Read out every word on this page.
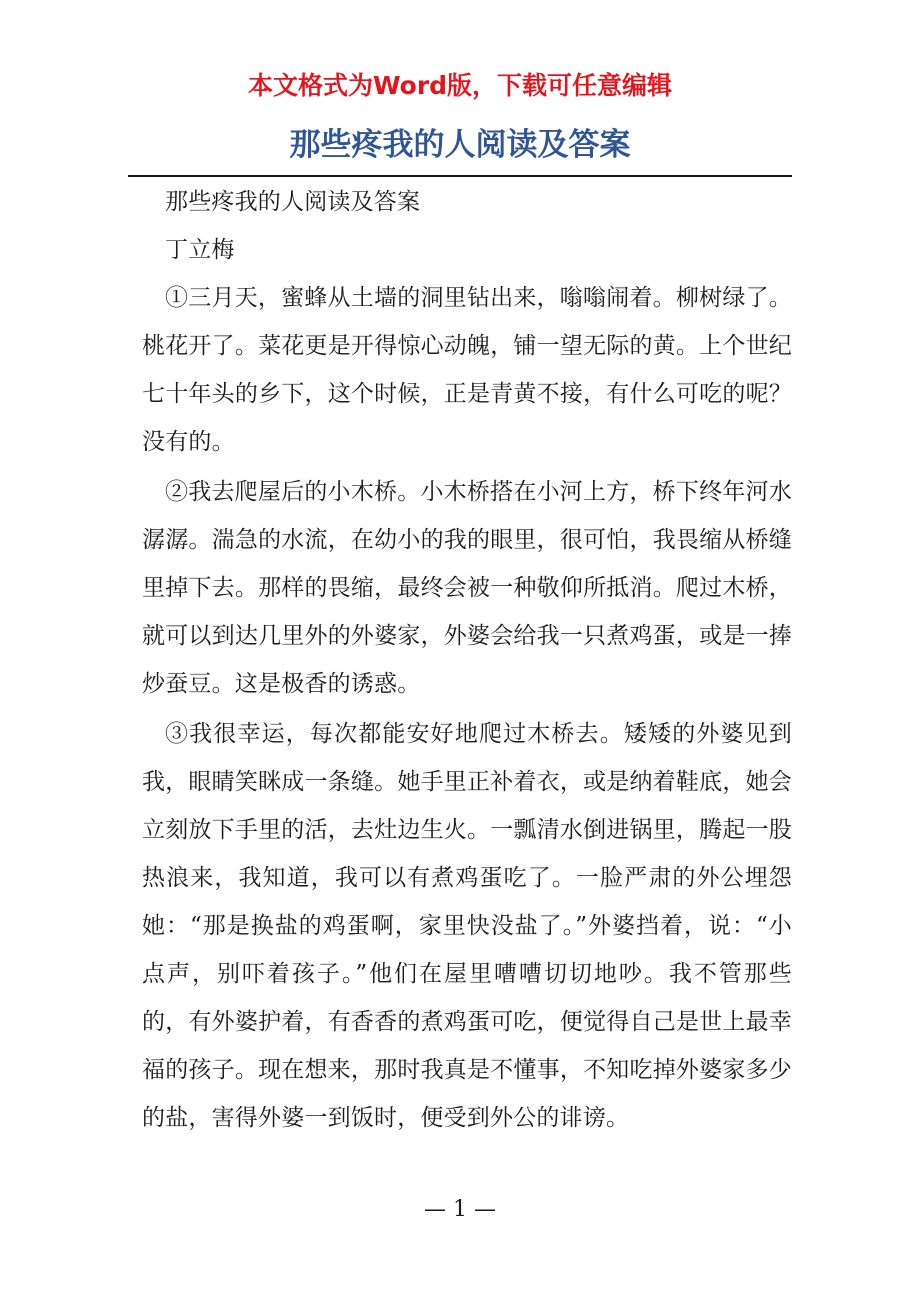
本文格式为Word版，下载可任意编辑
那些疼我的人阅读及答案

那些疼我的人阅读及答案

丁立梅

①三月天，蜜蜂从土墙的洞里钻出来，嗡嗡闹着。柳树绿了。桃花开了。菜花更是开得惊心动魄，铺一望无际的黄。上个世纪七十年头的乡下，这个时候，正是青黄不接，有什么可吃的呢？没有的。

②我去爬屋后的小木桥。小木桥搭在小河上方，桥下终年河水潺潺。湍急的水流，在幼小的我的眼里，很可怕，我畏缩从桥缝里掉下去。那样的畏缩，最终会被一种敬仰所抵消。爬过木桥，就可以到达几里外的外婆家，外婆会给我一只煮鸡蛋，或是一捧炒蚕豆。这是极香的诱惑。

③我很幸运，每次都能安好地爬过木桥去。矮矮的外婆见到我，眼睛笑眯成一条缝。她手里正补着衣，或是纳着鞋底，她会立刻放下手里的活，去灶边生火。一瓢清水倒进锅里，腾起一股热浪来，我知道，我可以有煮鸡蛋吃了。一脸严肃的外公埋怨她：“那是换盐的鸡蛋啊，家里快没盐了。”外婆挡着，说：“小点声，别吓着孩子。”他们在屋里嘈嘈切切地吵。我不管那些的，有外婆护着，有香香的煮鸡蛋可吃，便觉得自己是世上最幸福的孩子。现在想来，那时我真是不懂事，不知吃掉外婆家多少的盐，害得外婆一到饭时，便受到外公的诽谤。

— 1 —
